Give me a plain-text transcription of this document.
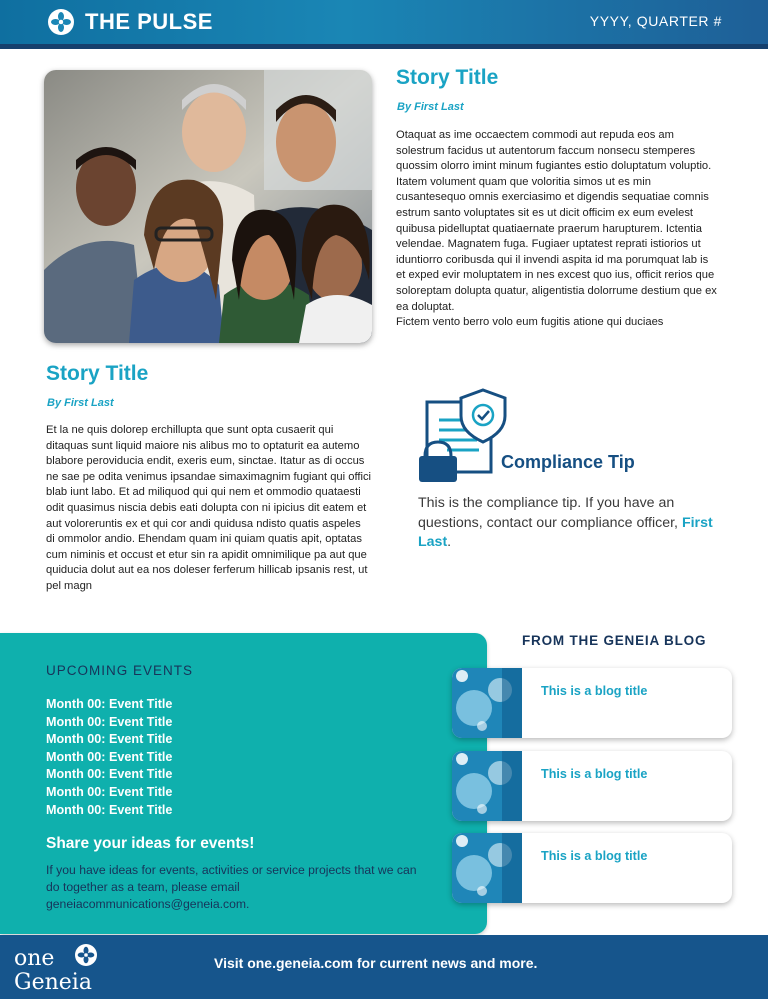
THE PULSE	YYYY, QUARTER #
Story Title
By First Last
Otaquat as ime occaectem commodi aut repuda eos am solestrum facidus ut autentorum faccum nonsecu stemperes quossim olorro imint minum fugiantes estio doluptatum voluptio. Itatem volument quam que voloritia simos ut es min cusantesequo omnis exerciasimo et digendis sequatiae comnis estrum santo voluptates sit es ut dicit officim ex eum evelest quibusa pidelluptat quatiaernate praerum harupturem. Ictentia velendae. Magnatem fuga. Fugiaer uptatest reprati istiorios ut iduntiorro coribusda qui il invendi aspita id ma porumquat lab is et exped evir moluptatem in nes excest quo ius, officit rerios que soloreptam dolupta quatur, aligentistia dolorrume destium que ex ea doluptat.
Fictem vento berro volo eum fugitis atione qui duciaes
Story Title
By First Last
Et la ne quis dolorep erchillupta que sunt opta cusaerit qui ditaquas sunt liquid maiore nis alibus mo to optaturit ea autemo blabore peroviducia endit, exeris eum, sinctae. Itatur as di occus ne sae pe odita venimus ipsandae simaximagnim fugiant qui offici blab iunt labo. Et ad miliquod qui qui nem et ommodio quataesti odit quasimus niscia debis eati dolupta con ni ipicius dit eatem et aut voloreruntis ex et qui cor andi quidusa ndisto quatis aspeles di ommolor andio. Ehendam quam ini quiam quatis apit, optatas cum niminis et occust et etur sin ra apidit omnimilique pa aut que quiducia dolut aut ea nos doleser ferferum hillicab ipsanis rest, ut pel magn
Compliance Tip
This is the compliance tip. If you have an questions, contact our compliance officer, First Last.
UPCOMING EVENTS
Month 00: Event Title
Month 00: Event Title
Month 00: Event Title
Month 00: Event Title
Month 00: Event Title
Month 00: Event Title
Month 00: Event Title
Share your ideas for events!
If you have ideas for events, activities or service projects that we can do together as a team, please email geneiacommunications@geneia.com.
FROM THE GENEIA BLOG
This is a blog title
This is a blog title
This is a blog title
one
Geneia
Visit one.geneia.com for current news and more.
